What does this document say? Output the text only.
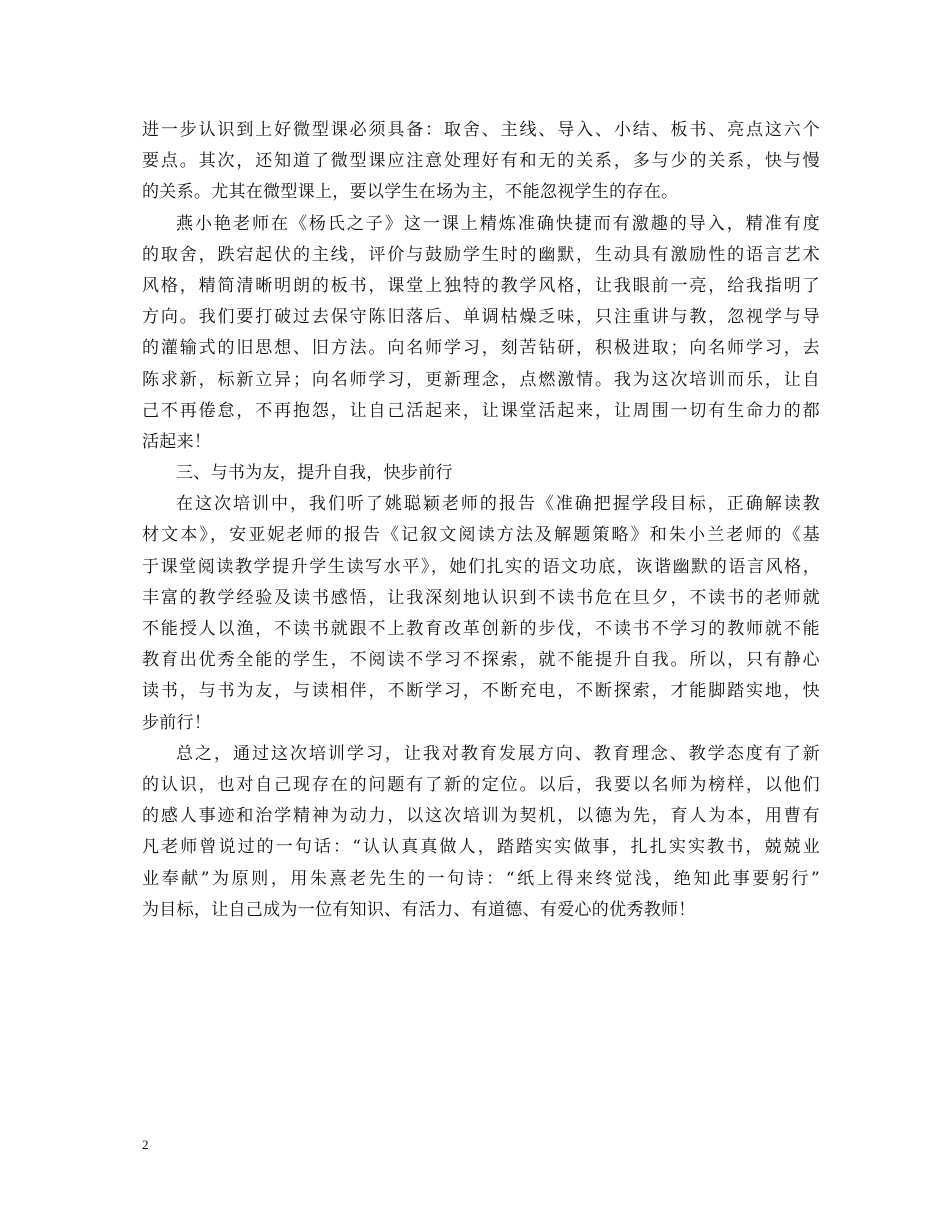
进一步认识到上好微型课必须具备：取舍、主线、导入、小结、板书、亮点这六个
要点。其次，还知道了微型课应注意处理好有和无的关系，多与少的关系，快与慢
的关系。尤其在微型课上，要以学生在场为主，不能忽视学生的存在。
燕小艳老师在《杨氏之子》这一课上精炼准确快捷而有激趣的导入，精准有度
的取舍，跌宕起伏的主线，评价与鼓励学生时的幽默，生动具有激励性的语言艺术
风格，精简清晰明朗的板书，课堂上独特的教学风格，让我眼前一亮，给我指明了
方向。我们要打破过去保守陈旧落后、单调枯燥乏味，只注重讲与教，忽视学与导
的灌输式的旧思想、旧方法。向名师学习，刻苦钻研，积极进取；向名师学习，去
陈求新，标新立异；向名师学习，更新理念，点燃激情。我为这次培训而乐，让自
己不再倦怠，不再抱怨，让自己活起来，让课堂活起来，让周围一切有生命力的都
活起来！
三、与书为友，提升自我，快步前行
在这次培训中，我们听了姚聪颖老师的报告《准确把握学段目标，正确解读教
材文本》，安亚妮老师的报告《记叙文阅读方法及解题策略》和朱小兰老师的《基
于课堂阅读教学提升学生读写水平》，她们扎实的语文功底，诙谐幽默的语言风格，
丰富的教学经验及读书感悟，让我深刻地认识到不读书危在旦夕，不读书的老师就
不能授人以渔，不读书就跟不上教育改革创新的步伐，不读书不学习的教师就不能
教育出优秀全能的学生，不阅读不学习不探索，就不能提升自我。所以，只有静心
读书，与书为友，与读相伴，不断学习，不断充电，不断探索，才能脚踏实地，快
步前行！
总之，通过这次培训学习，让我对教育发展方向、教育理念、教学态度有了新
的认识，也对自己现存在的问题有了新的定位。以后，我要以名师为榜样，以他们
的感人事迹和治学精神为动力，以这次培训为契机，以德为先，育人为本，用曹有
凡老师曾说过的一句话：“认认真真做人，踏踏实实做事，扎扎实实教书，兢兢业
业奉献”为原则，用朱熹老先生的一句诗：“纸上得来终觉浅，绝知此事要躬行”
为目标，让自己成为一位有知识、有活力、有道德、有爱心的优秀教师！
2
